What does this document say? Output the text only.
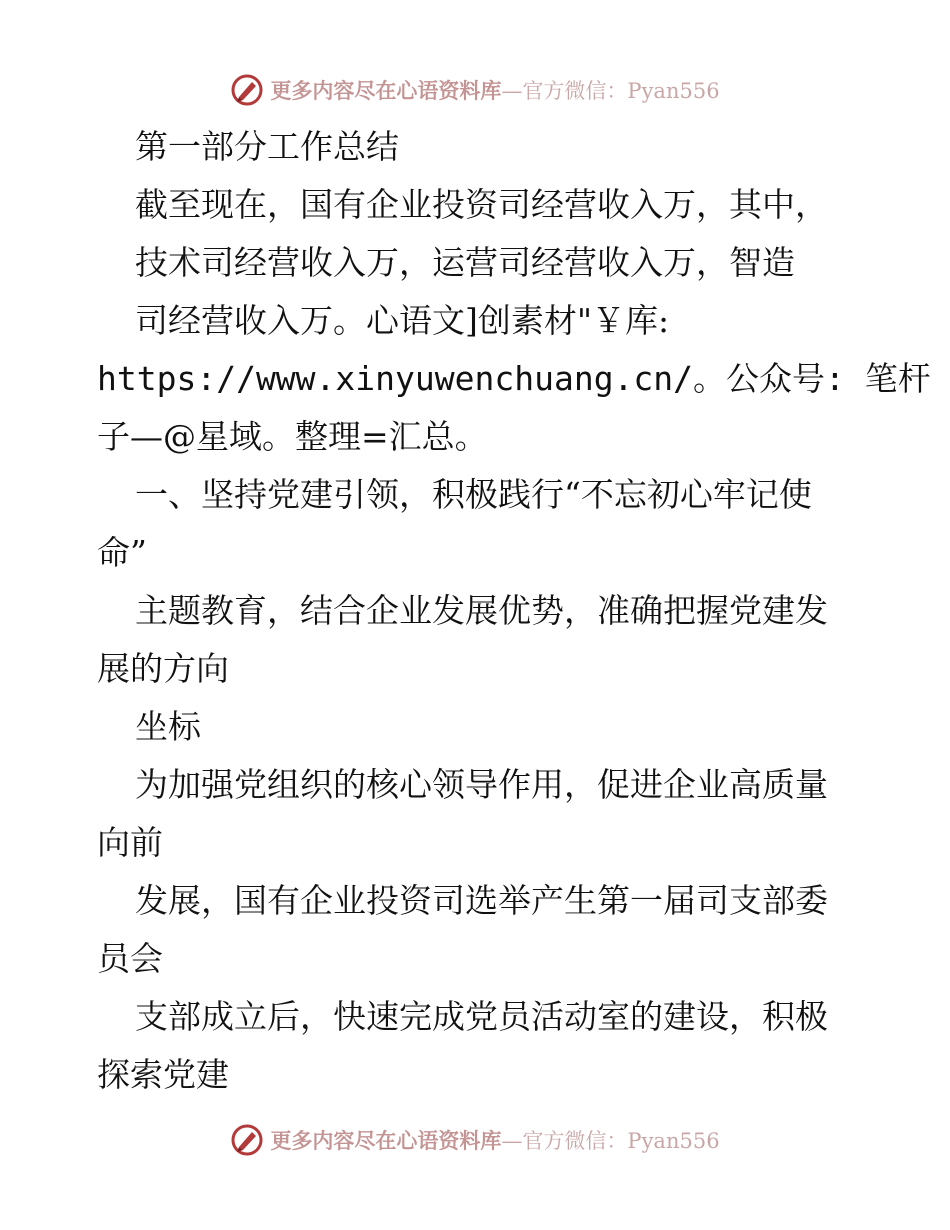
更多内容尽在心语资料库—官方微信：Pyan556
第一部分工作总结
截至现在，国有企业投资司经营收入万，其中，
技术司经营收入万，运营司经营收入万，智造
司经营收入万。心语文]创素材"￥库:
https://www.xinyuwenchuang.cn/。公众号: 笔杆
子—@星域。整理=汇总。
一、坚持党建引领，积极践行“不忘初心牢记使
命”
主题教育，结合企业发展优势，准确把握党建发
展的方向
坐标
为加强党组织的核心领导作用，促进企业高质量
向前
发展，国有企业投资司选举产生第一届司支部委
员会
支部成立后，快速完成党员活动室的建设，积极
探索党建
更多内容尽在心语资料库—官方微信：Pyan556
